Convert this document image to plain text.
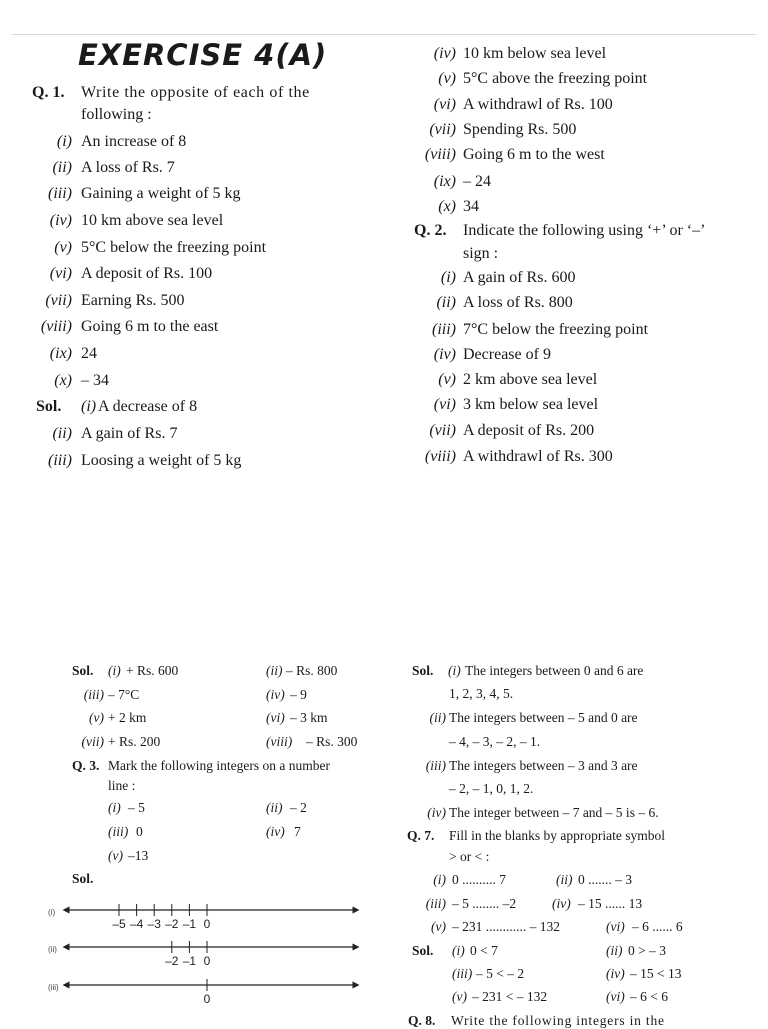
EXERCISE 4(A)
Q. 1. Write the opposite of each of the
following :
(i) An increase of 8
(ii) A loss of Rs. 7
(iii) Gaining a weight of 5 kg
(iv) 10 km above sea level
(v) 5°C below the freezing point
(vi) A deposit of Rs. 100
(vii) Earning Rs. 500
(viii) Going 6 m to the east
(ix) 24
(x) – 34
Sol. (i) A decrease of 8
(ii) A gain of Rs. 7
(iii) Loosing a weight of 5 kg
(iv) 10 km below sea level
(v) 5°C above the freezing point
(vi) A withdrawl of Rs. 100
(vii) Spending Rs. 500
(viii) Going 6 m to the west
(ix) – 24
(x) 34
Q. 2. Indicate the following using ‘+’ or ‘–’
sign :
(i) A gain of Rs. 600
(ii) A loss of Rs. 800
(iii) 7°C below the freezing point
(iv) Decrease of 9
(v) 2 km above sea level
(vi) 3 km below sea level
(vii) A deposit of Rs. 200
(viii) A withdrawl of Rs. 300
Sol. (i) + Rs. 600	(ii) – Rs. 800
(iii) – 7°C	(iv) – 9
(v) + 2 km	(vi) – 3 km
(vii) + Rs. 200	(viii) – Rs. 300
Q. 3. Mark the following integers on a number
line :
(i) – 5	(ii) – 2
(iii) 0	(iv) 7
(v) –13
Sol.
(i)
–5 –4 –3 –2 –1 0
(ii)
–2 –1 0
(iii)
0
Sol. (i) The integers between 0 and 6 are
1, 2, 3, 4, 5.
(ii) The integers between – 5 and 0 are
– 4, – 3, – 2, – 1.
(iii) The integers between – 3 and 3 are
– 2, – 1, 0, 1, 2.
(iv) The integer between – 7 and – 5 is – 6.
Q. 7. Fill in the blanks by appropriate symbol
> or < :
(i) 0 .......... 7	(ii) 0 ....... – 3
(iii) – 5 ........ –2	(iv) – 15 ...... 13
(v) – 231 ............ – 132	(vi) – 6 ...... 6
Sol. (i) 0 < 7	(ii) 0 > – 3
(iii) – 5 < – 2	(iv) – 15 < 13
(v) – 231 < – 132	(vi) – 6 < 6
Q. 8. Write the following integers in the
